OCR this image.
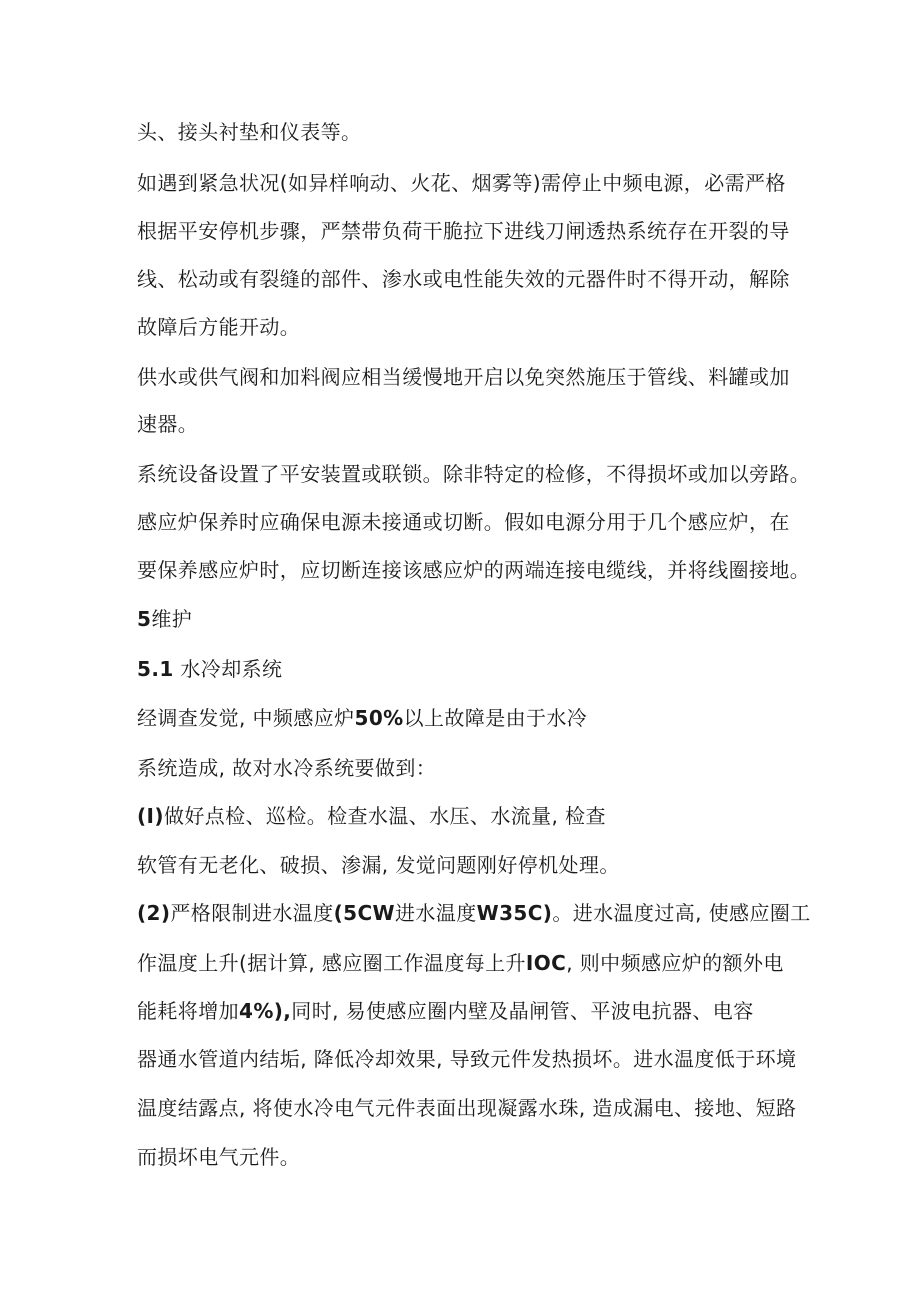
头、接头衬垫和仪表等。

如遇到紧急状况(如异样响动、火花、烟雾等)需停止中频电源，必需严格

根据平安停机步骤，严禁带负荷干脆拉下进线刀闸透热系统存在开裂的导

线、松动或有裂缝的部件、渗水或电性能失效的元器件时不得开动，解除

故障后方能开动。

供水或供气阀和加料阀应相当缓慢地开启以免突然施压于管线、料罐或加

速器。

系统设备设置了平安装置或联锁。除非特定的检修，不得损坏或加以旁路。

感应炉保养时应确保电源未接通或切断。假如电源分用于几个感应炉，在

要保养感应炉时，应切断连接该感应炉的两端连接电缆线，并将线圈接地。

5维护

5.1 水冷却系统

经调查发觉, 中频感应炉50%以上故障是由于水冷

系统造成, 故对水冷系统要做到：

(I)做好点检、巡检。检查水温、水压、水流量, 检查

软管有无老化、破损、渗漏, 发觉问题刚好停机处理。

(2)严格限制进水温度(5CW进水温度W35C)。进水温度过高, 使感应圈工

作温度上升(据计算, 感应圈工作温度每上升IOC, 则中频感应炉的额外电

能耗将增加4%),同时, 易使感应圈内壁及晶闸管、平波电抗器、电容

器通水管道内结垢, 降低冷却效果, 导致元件发热损坏。进水温度低于环境

温度结露点, 将使水冷电气元件表面出现凝露水珠, 造成漏电、接地、短路

而损坏电气元件。
